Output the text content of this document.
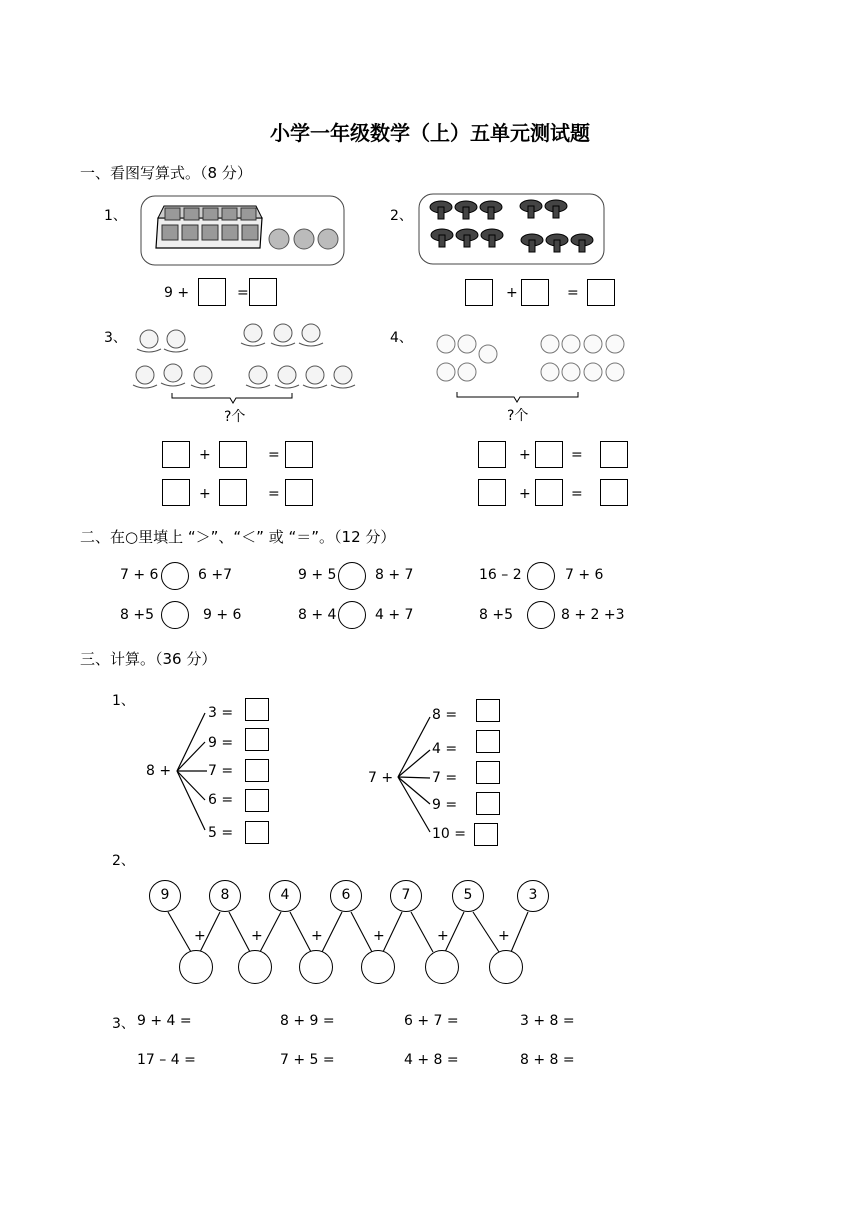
小学一年级数学（上）五单元测试题
一、看图写算式。（8 分）
1、
9 +	=
2、
+	=
3、
?个
+	=
+	=
4、
?个
+	=
+	=
二、在○里填上 “＞”、“＜” 或 “＝”。（12 分）
7 + 6	6 +7	9 + 5	8 + 7	16 – 2	7 + 6
8 +5	9 + 6	8 + 4	4 + 7	8 +5	8 + 2 +3
三、计算。（36 分）
1、
8 +
3 =
9 =
7 =
6 =
5 =
7 +
8 =
4 =
7 =
9 =
10 =
2、
9	8	4	6	7	5	3
+	+	+	+	+	+
3、 9 + 4 =	8 + 9 =	6 + 7 =	3 + 8 =
17 – 4 =	7 + 5 =	4 + 8 =	8 + 8 =
